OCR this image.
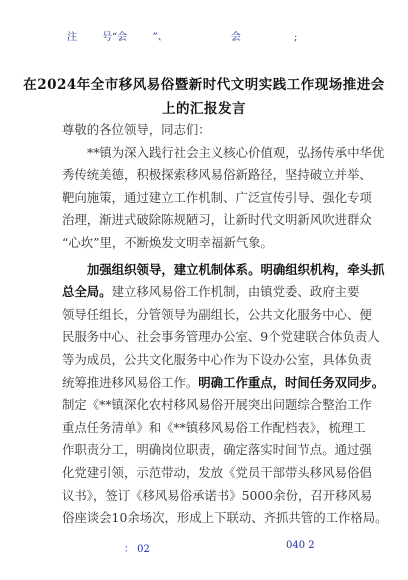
注	号“会	”、	会	;
在2024年全市移风易俗暨新时代文明实践工作现场推进会
上的汇报发言
尊敬的各位领导，同志们：
**镇为深入践行社会主义核心价值观，弘扬传承中华优
秀传统美德，积极探索移风易俗新路径，坚持破立并举、
靶向施策，通过建立工作机制、广泛宣传引导、强化专项
治理，渐进式破除陈规陋习，让新时代文明新风吹进群众
“心坎”里，不断焕发文明幸福新气象。
加强组织领导，建立机制体系。明确组织机构，牵头抓
总全局。建立移风易俗工作机制，由镇党委、政府主要
领导任组长，分管领导为副组长，公共文化服务中心、便
民服务中心、社会事务管理办公室、9个党建联合体负责人
等为成员，公共文化服务中心作为下设办公室，具体负责
统筹推进移风易俗工作。明确工作重点，时间任务双同步。
制定《**镇深化农村移风易俗开展突出问题综合整治工作
重点任务清单》和《**镇移风易俗工作配档表》，梳理工
作职责分工，明确岗位职责，确定落实时间节点。通过强
化党建引领，示范带动，发放《党员干部带头移风易俗倡
议书》，签订《移风易俗承诺书》5000余份，召开移风易
俗座谈会10余场次，形成上下联动、齐抓共管的工作格局。
： 02	040 2
